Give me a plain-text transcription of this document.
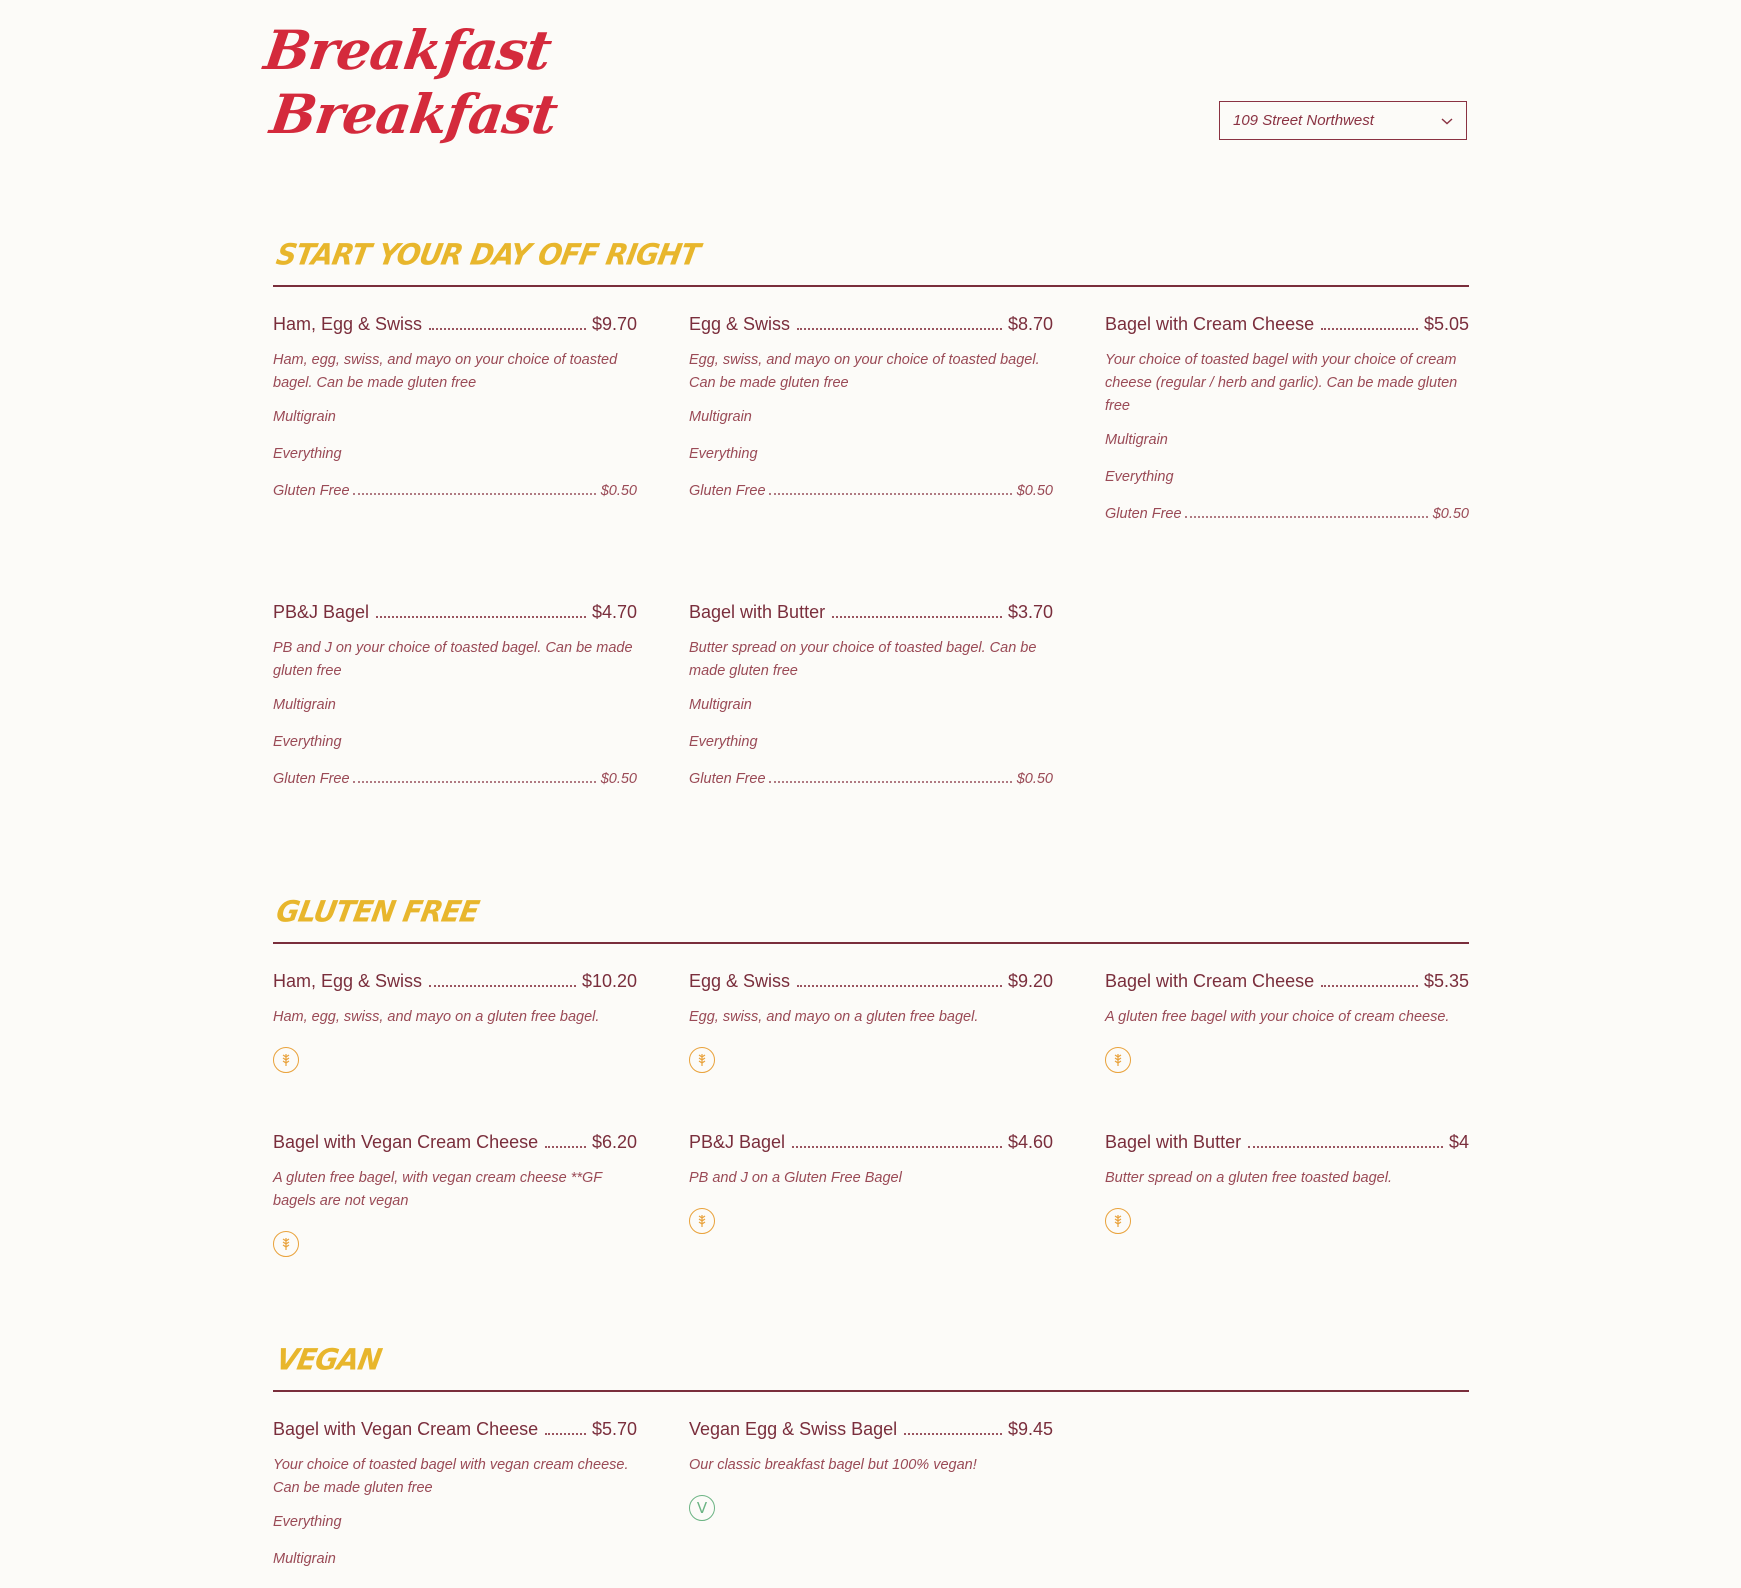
Breakfast
Breakfast	109 Street Northwest
START YOUR DAY OFF RIGHT
Ham, Egg & Swiss	$9.70
Ham, egg, swiss, and mayo on your choice of toasted bagel. Can be made gluten free
Multigrain
Everything
Gluten Free	$0.50
Egg & Swiss	$8.70
Egg, swiss, and mayo on your choice of toasted bagel. Can be made gluten free
Multigrain
Everything
Gluten Free	$0.50
Bagel with Cream Cheese	$5.05
Your choice of toasted bagel with your choice of cream cheese (regular / herb and garlic). Can be made gluten free
Multigrain
Everything
Gluten Free	$0.50
PB&J Bagel	$4.70
PB and J on your choice of toasted bagel. Can be made gluten free
Multigrain
Everything
Gluten Free	$0.50
Bagel with Butter	$3.70
Butter spread on your choice of toasted bagel. Can be made gluten free
Multigrain
Everything
Gluten Free	$0.50
GLUTEN FREE
Ham, Egg & Swiss	$10.20
Ham, egg, swiss, and mayo on a gluten free bagel.
Egg & Swiss	$9.20
Egg, swiss, and mayo on a gluten free bagel.
Bagel with Cream Cheese	$5.35
A gluten free bagel with your choice of cream cheese.
Bagel with Vegan Cream Cheese	$6.20
A gluten free bagel, with vegan cream cheese **GF bagels are not vegan
PB&J Bagel	$4.60
PB and J on a Gluten Free Bagel
Bagel with Butter	$4
Butter spread on a gluten free toasted bagel.
VEGAN
Bagel with Vegan Cream Cheese	$5.70
Your choice of toasted bagel with vegan cream cheese. Can be made gluten free
Everything
Multigrain
Vegan Egg & Swiss Bagel	$9.45
Our classic breakfast bagel but 100% vegan!
V
